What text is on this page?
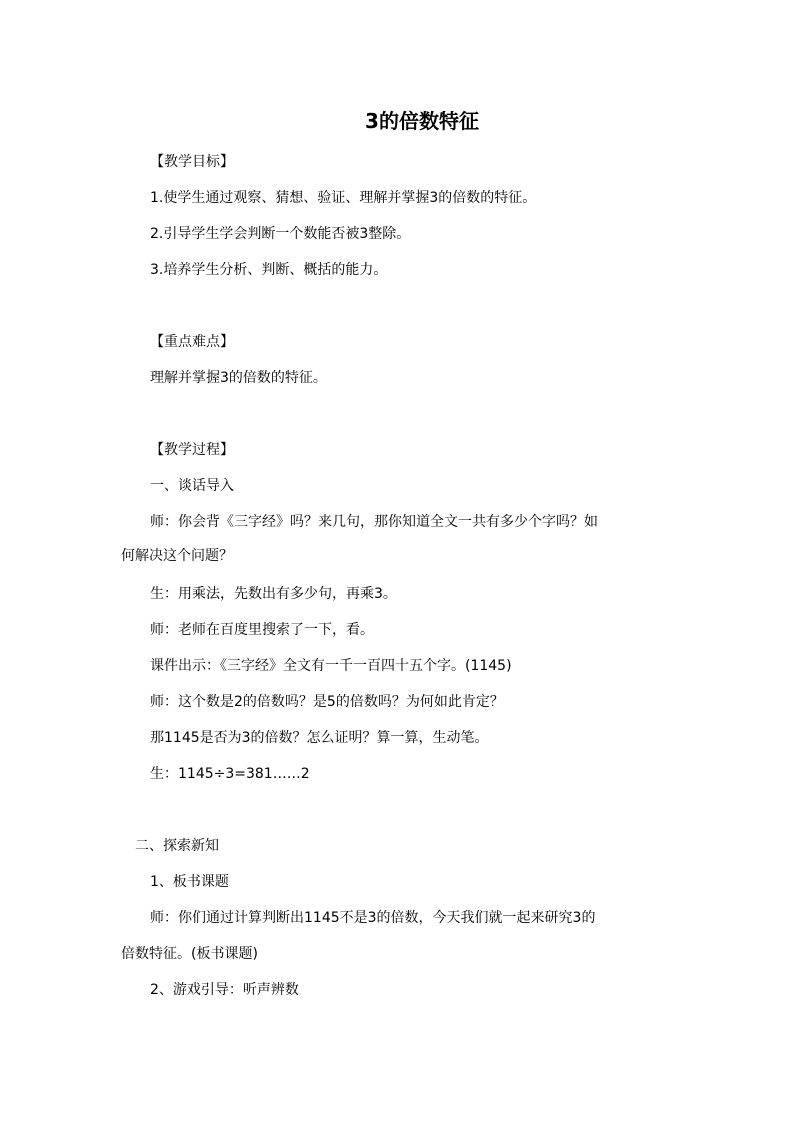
3的倍数特征
【教学目标】
1.使学生通过观察、猜想、验证、理解并掌握3的倍数的特征。
2.引导学生学会判断一个数能否被3整除。
3.培养学生分析、判断、概括的能力。
【重点难点】
理解并掌握3的倍数的特征。
【教学过程】
一、谈话导入
师：你会背《三字经》吗？来几句，那你知道全文一共有多少个字吗？如
何解决这个问题？
生：用乘法，先数出有多少句，再乘3。
师：老师在百度里搜索了一下，看。
课件出示：《三字经》全文有一千一百四十五个字。(1145)
师：这个数是2的倍数吗？是5的倍数吗？为何如此肯定？
那1145是否为3的倍数？怎么证明？算一算，生动笔。
生：1145÷3=381……2
二、探索新知
1、板书课题
师：你们通过计算判断出1145不是3的倍数，今天我们就一起来研究3的
倍数特征。(板书课题)
2、游戏引导：听声辨数
